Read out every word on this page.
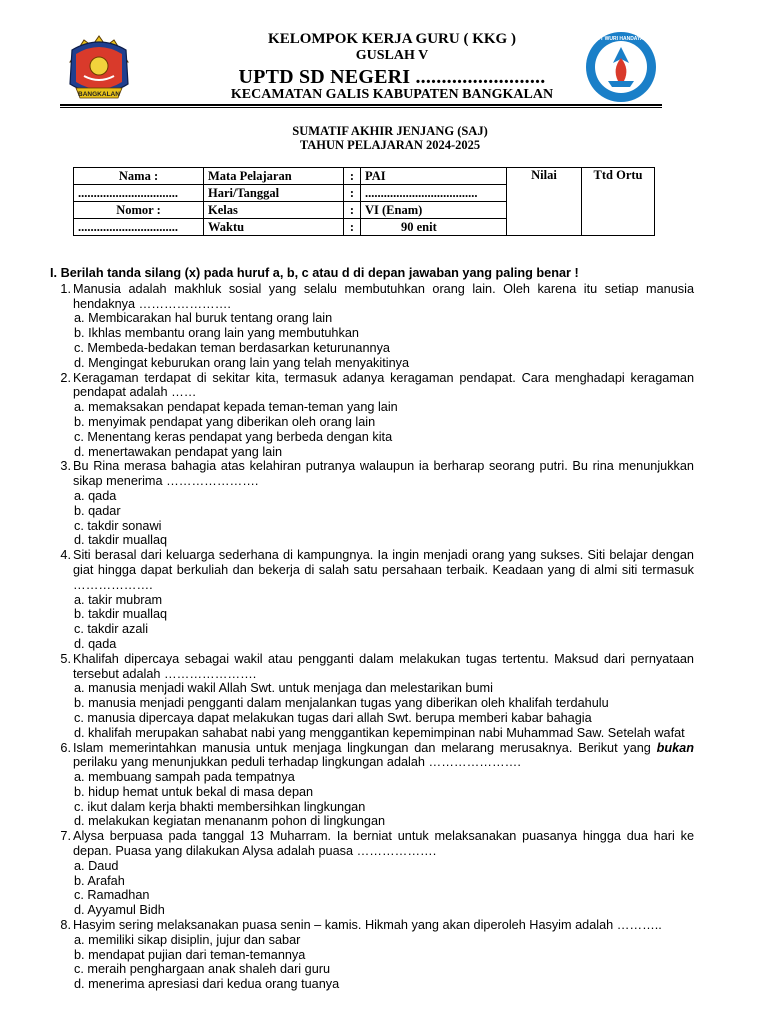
BANGKALAN
TUT WURI HANDAYANI
KELOMPOK KERJA GURU ( KKG )
GUSLAH V
UPTD SD NEGERI .........................
KECAMATAN GALIS KABUPATEN BANGKALAN
SUMATIF AKHIR JENJANG (SAJ)
TAHUN PELAJARAN 2024-2025
Nama :	Mata Pelajaran	:	PAI	Nilai	Ttd Ortu
................................	Hari/Tanggal	:	....................................		
Nomor :	Kelas	:	VI (Enam)		
................................	Waktu	:	90 enit		
I. Berilah tanda silang (x) pada huruf a, b, c atau d di depan jawaban yang paling benar !
1. Manusia adalah makhluk sosial yang selalu membutuhkan orang lain. Oleh karena itu setiap manusia hendaknya ………………….
a. Membicarakan hal buruk tentang orang lain
b. Ikhlas membantu orang lain yang membutuhkan
c. Membeda-bedakan teman berdasarkan keturunannya
d. Mengingat keburukan orang lain yang telah menyakitinya
2. Keragaman terdapat di sekitar kita, termasuk adanya keragaman pendapat. Cara menghadapi keragaman pendapat adalah ……
a. memaksakan pendapat kepada teman-teman yang lain
b. menyimak pendapat yang diberikan oleh orang lain
c. Menentang keras pendapat yang berbeda dengan kita
d. menertawakan pendapat yang lain
3. Bu Rina merasa bahagia atas kelahiran putranya walaupun ia berharap seorang putri. Bu rina menunjukkan sikap menerima ………………….
a. qada
b. qadar
c. takdir sonawi
d. takdir muallaq
4. Siti berasal dari keluarga sederhana di kampungnya. Ia ingin menjadi orang yang sukses. Siti belajar dengan giat hingga dapat berkuliah dan bekerja di salah satu persahaan terbaik. Keadaan yang di almi siti termasuk ……………….
a. takir mubram
b. takdir muallaq
c. takdir azali
d. qada
5. Khalifah dipercaya sebagai wakil atau pengganti dalam melakukan tugas tertentu. Maksud dari pernyataan tersebut adalah ………………….
a. manusia menjadi wakil Allah Swt. untuk menjaga dan melestarikan bumi
b. manusia menjadi pengganti dalam menjalankan tugas yang diberikan oleh khalifah terdahulu
c. manusia dipercaya dapat melakukan tugas dari allah Swt. berupa memberi kabar bahagia
d. khalifah merupakan sahabat nabi yang menggantikan kepemimpinan nabi Muhammad Saw. Setelah wafat
6. Islam memerintahkan manusia untuk menjaga lingkungan dan melarang merusaknya. Berikut yang bukan perilaku yang menunjukkan peduli terhadap lingkungan adalah ………………….
a. membuang sampah pada tempatnya
b. hidup hemat untuk bekal di masa depan
c. ikut dalam kerja bhakti membersihkan lingkungan
d. melakukan kegiatan menananm pohon di lingkungan
7. Alysa berpuasa pada tanggal 13 Muharram. Ia berniat untuk melaksanakan puasanya hingga dua hari ke depan. Puasa yang dilakukan Alysa adalah puasa ……………….
a. Daud
b. Arafah
c. Ramadhan
d. Ayyamul Bidh
8. Hasyim sering melaksanakan puasa senin – kamis. Hikmah yang akan diperoleh Hasyim adalah ………..
a. memiliki sikap disiplin, jujur dan sabar
b. mendapat pujian dari teman-temannya
c. meraih penghargaan anak shaleh dari guru
d. menerima apresiasi dari kedua orang tuanya
